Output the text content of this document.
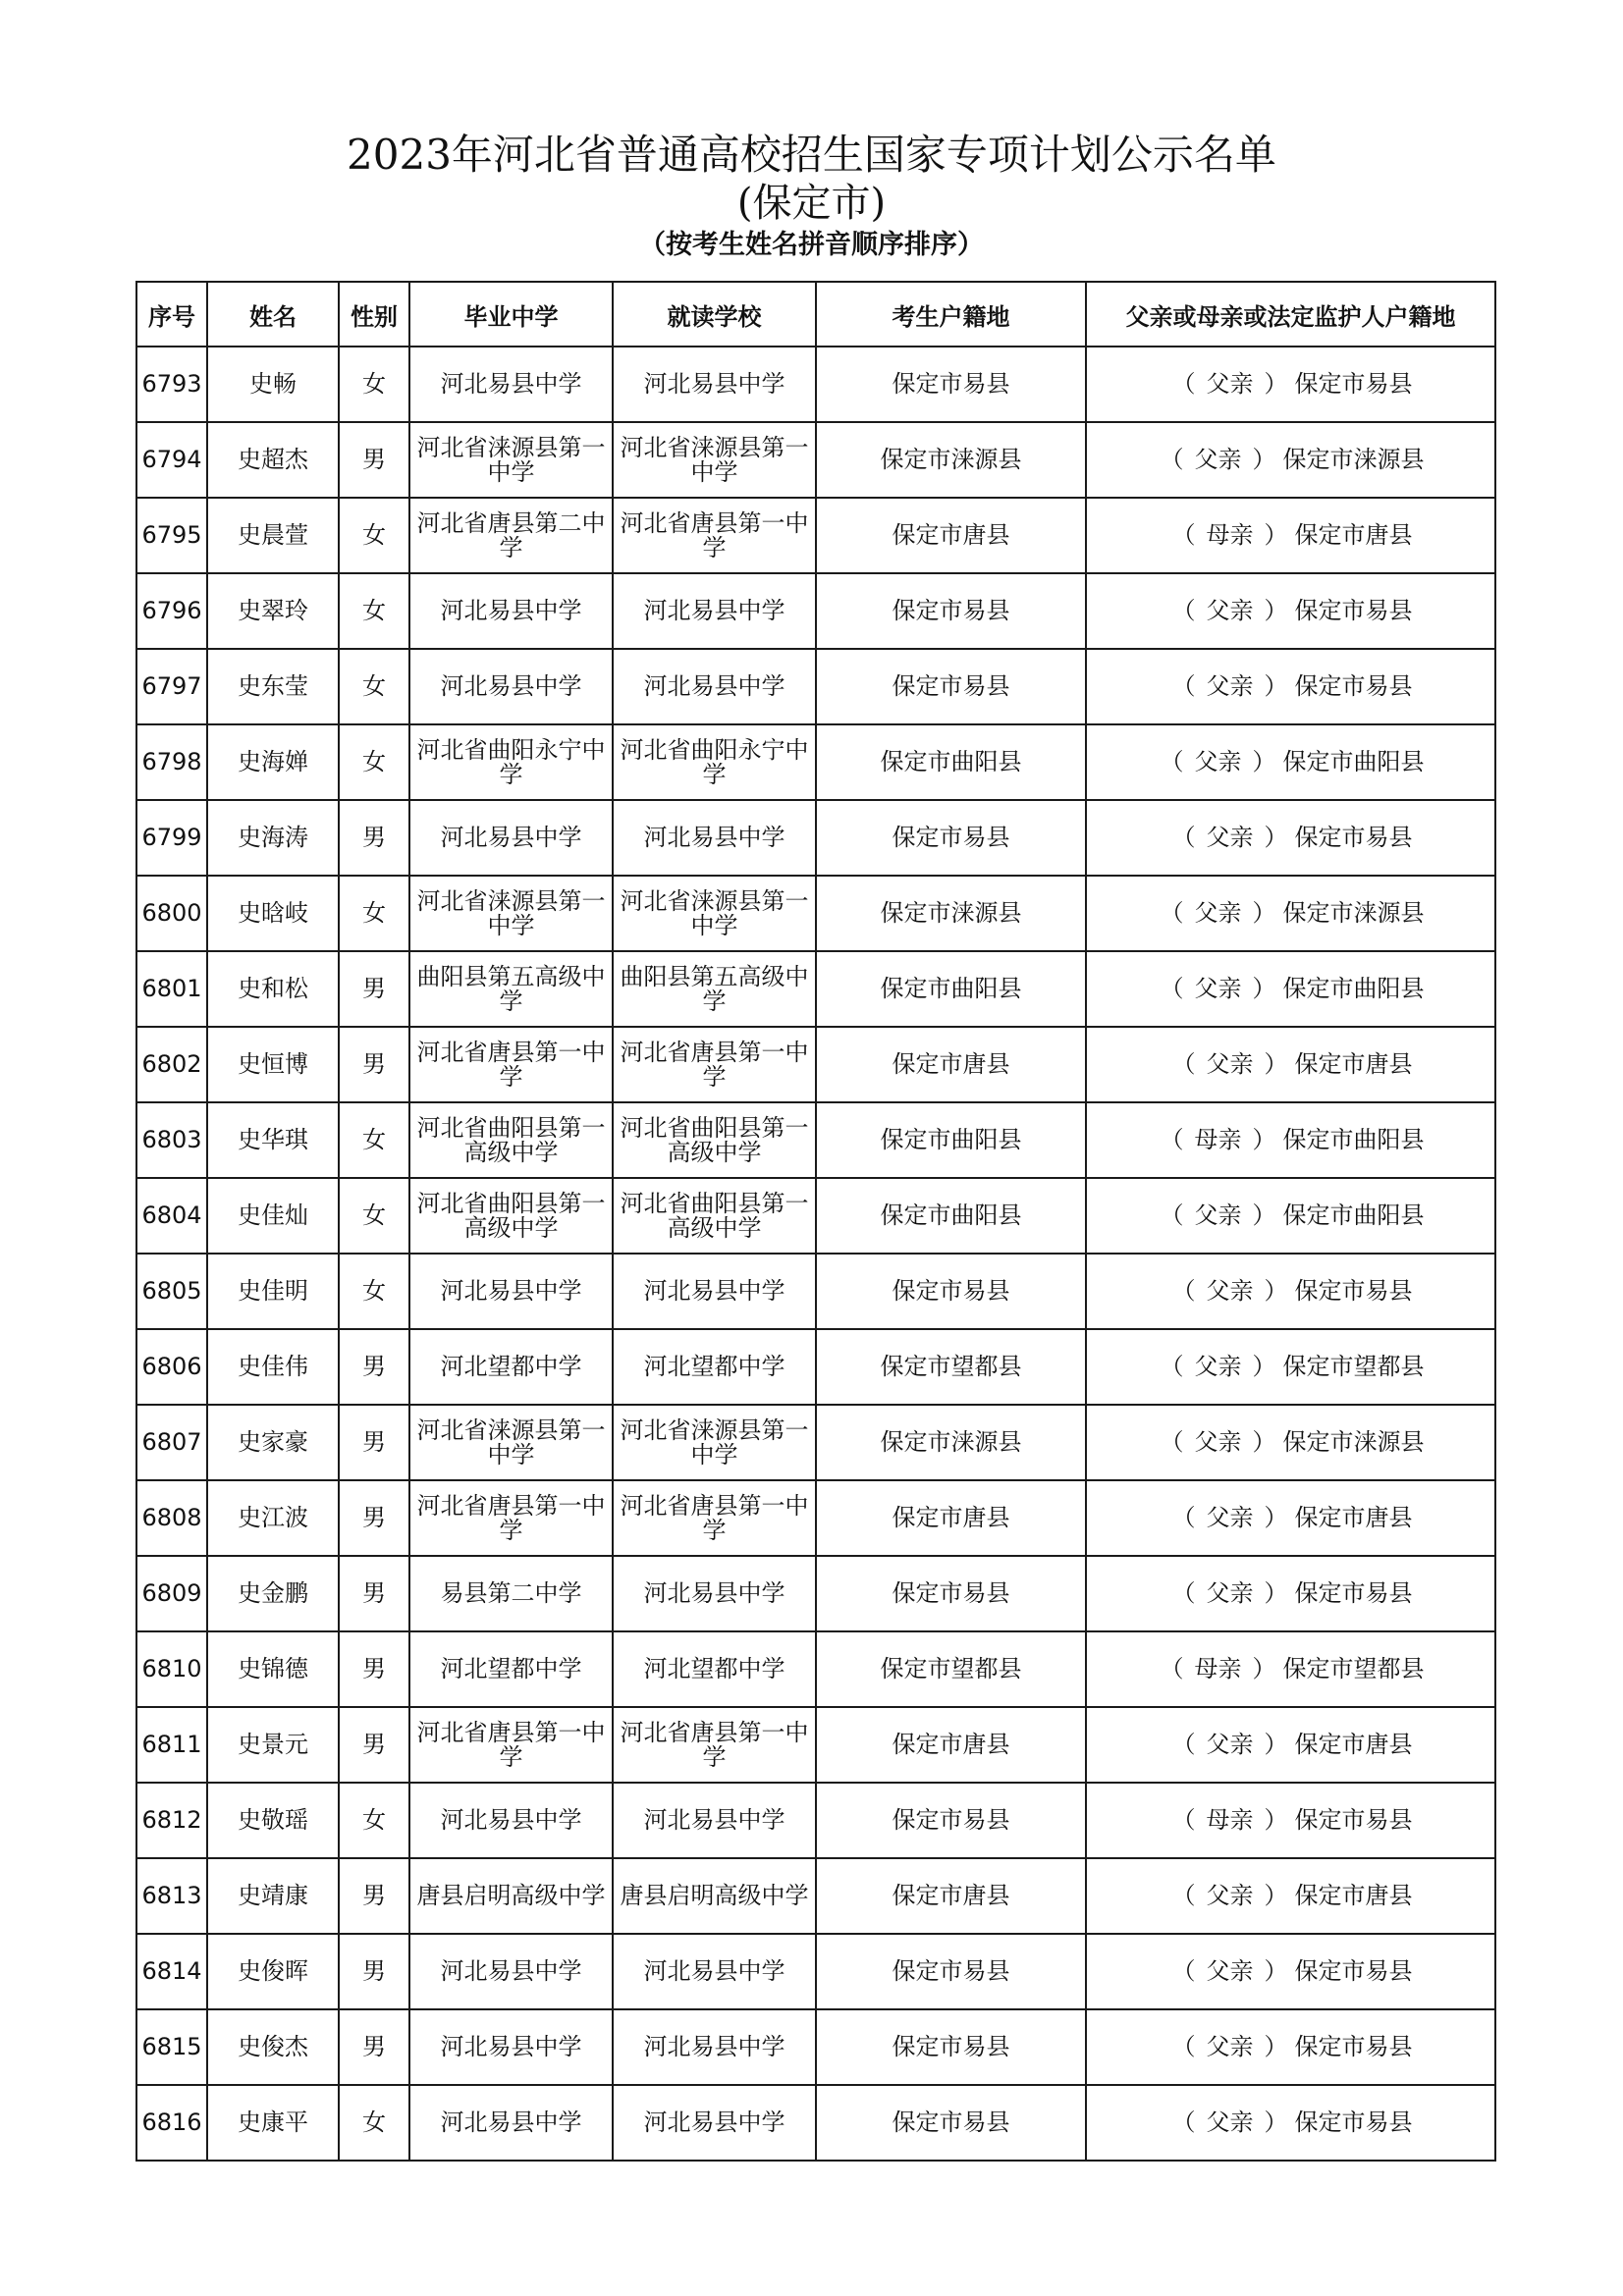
2023年河北省普通高校招生国家专项计划公示名单
(保定市)
（按考生姓名拼音顺序排序）
序号	姓名	性别	毕业中学	就读学校	考生户籍地	父亲或母亲或法定监护人户籍地
6793	史畅	女	河北易县中学	河北易县中学	保定市易县	（ 父亲 ） 保定市易县
6794	史超杰	男	河北省涞源县第一中学	河北省涞源县第一中学	保定市涞源县	（ 父亲 ） 保定市涞源县
6795	史晨萱	女	河北省唐县第二中学	河北省唐县第一中学	保定市唐县	（ 母亲 ） 保定市唐县
6796	史翠玲	女	河北易县中学	河北易县中学	保定市易县	（ 父亲 ） 保定市易县
6797	史东莹	女	河北易县中学	河北易县中学	保定市易县	（ 父亲 ） 保定市易县
6798	史海婵	女	河北省曲阳永宁中学	河北省曲阳永宁中学	保定市曲阳县	（ 父亲 ） 保定市曲阳县
6799	史海涛	男	河北易县中学	河北易县中学	保定市易县	（ 父亲 ） 保定市易县
6800	史晗岐	女	河北省涞源县第一中学	河北省涞源县第一中学	保定市涞源县	（ 父亲 ） 保定市涞源县
6801	史和松	男	曲阳县第五高级中学	曲阳县第五高级中学	保定市曲阳县	（ 父亲 ） 保定市曲阳县
6802	史恒博	男	河北省唐县第一中学	河北省唐县第一中学	保定市唐县	（ 父亲 ） 保定市唐县
6803	史华琪	女	河北省曲阳县第一高级中学	河北省曲阳县第一高级中学	保定市曲阳县	（ 母亲 ） 保定市曲阳县
6804	史佳灿	女	河北省曲阳县第一高级中学	河北省曲阳县第一高级中学	保定市曲阳县	（ 父亲 ） 保定市曲阳县
6805	史佳明	女	河北易县中学	河北易县中学	保定市易县	（ 父亲 ） 保定市易县
6806	史佳伟	男	河北望都中学	河北望都中学	保定市望都县	（ 父亲 ） 保定市望都县
6807	史家豪	男	河北省涞源县第一中学	河北省涞源县第一中学	保定市涞源县	（ 父亲 ） 保定市涞源县
6808	史江波	男	河北省唐县第一中学	河北省唐县第一中学	保定市唐县	（ 父亲 ） 保定市唐县
6809	史金鹏	男	易县第二中学	河北易县中学	保定市易县	（ 父亲 ） 保定市易县
6810	史锦德	男	河北望都中学	河北望都中学	保定市望都县	（ 母亲 ） 保定市望都县
6811	史景元	男	河北省唐县第一中学	河北省唐县第一中学	保定市唐县	（ 父亲 ） 保定市唐县
6812	史敬瑶	女	河北易县中学	河北易县中学	保定市易县	（ 母亲 ） 保定市易县
6813	史靖康	男	唐县启明高级中学	唐县启明高级中学	保定市唐县	（ 父亲 ） 保定市唐县
6814	史俊晖	男	河北易县中学	河北易县中学	保定市易县	（ 父亲 ） 保定市易县
6815	史俊杰	男	河北易县中学	河北易县中学	保定市易县	（ 父亲 ） 保定市易县
6816	史康平	女	河北易县中学	河北易县中学	保定市易县	（ 父亲 ） 保定市易县
